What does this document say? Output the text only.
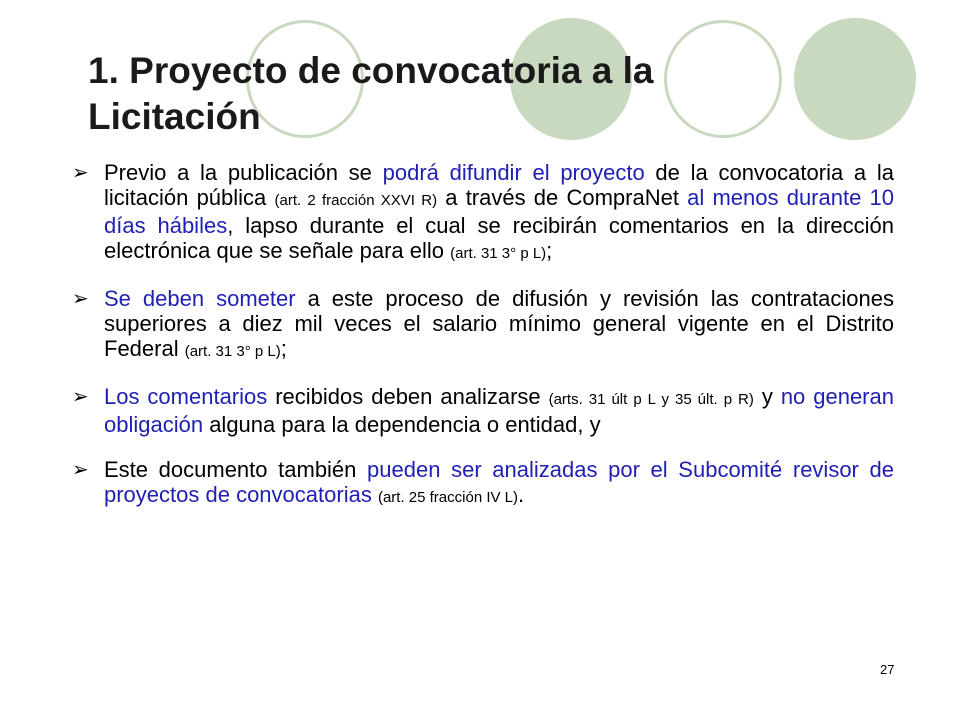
1. Proyecto de convocatoria a la
Licitación
➢ Previo a la publicación se podrá difundir el proyecto de la convocatoria a la licitación pública (art. 2 fracción XXVI R) a través de CompraNet al menos durante 10 días hábiles, lapso durante el cual se recibirán comentarios en la dirección electrónica que se señale para ello (art. 31 3° p L);
➢ Se deben someter a este proceso de difusión y revisión las contrataciones superiores a diez mil veces el salario mínimo general vigente en el Distrito Federal (art. 31 3° p L);
➢ Los comentarios recibidos deben analizarse (arts. 31 últ p L y 35 últ. p R) y no generan obligación alguna para la dependencia o entidad, y
➢ Este documento también pueden ser analizadas por el Subcomité revisor de proyectos de convocatorias (art. 25 fracción IV L).
27
